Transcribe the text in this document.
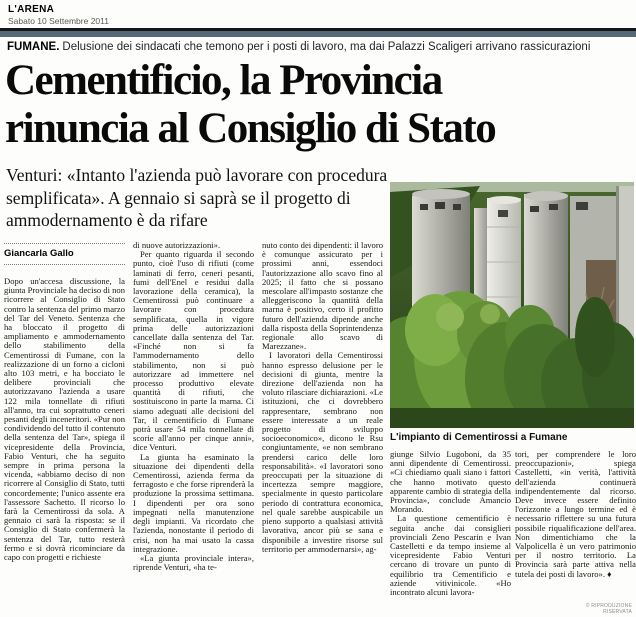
L'ARENA
Sabato 10 Settembre 2011
FUMANE. Delusione dei sindacati che temono per i posti di lavoro, ma dai Palazzi Scaligeri arrivano rassicurazioni
Cementificio, la Provincia
rinuncia al Consiglio di Stato
Venturi: «Intanto l'azienda può lavorare con procedura semplificata». A gennaio si saprà se il progetto di ammodernamento è da rifare
L'impianto di Cementirossi a Fumane
Giancarla Gallo

Dopo un'accesa discussione, la giunta Provinciale ha deciso di non ricorrere al Consiglio di Stato contro la sentenza del primo marzo del Tar del Veneto. Sentenza che ha bloccato il progetto di ampliamento e ammodernamento dello stabilimento della Cementirossi di Fumane, con la realizzazione di un forno a cicloni alto 103 metri, e ha bocciato le delibere provinciali che autorizzavano l'azienda a usare 122 mila tonnellate di rifiuti all'anno, tra cui soprattutto ceneri pesanti degli inceneritori. «Pur non condividendo del tutto il contenuto della sentenza del Tar», spiega il vicepresidente della Provincia, Fabio Venturi, che ha seguito sempre in prima persona la vicenda, «abbiamo deciso di non ricorrere al Consiglio di Stato, tutti concordemente; l'unico assente era l'assessore Sachetto. Il ricorso lo farà la Cementirossi da sola. A gennaio ci sarà la risposta: se il Consiglio di Stato confermerà la sentenza del Tar, tutto resterà fermo e si dovrà ricominciare da capo con progetti e richieste

di nuove autorizzazioni».

Per quanto riguarda il secondo punto, cioè l'uso di rifiuti (come laminati di ferro, ceneri pesanti, fumi dell'Enel e residui dalla lavorazione della ceramica), la Cementirossi può continuare a lavorare con procedura semplificata, quella in vigore prima delle autorizzazioni cancellate dalla sentenza del Tar. «Finché non si fa l'ammodernamento dello stabilimento, non si può autorizzare ad immettere nel processo produttivo elevate quantità di rifiuti, che sostituiscono in parte la marna. Ci siamo adeguati alle decisioni del Tar, il cementificio di Fumane potrà usare 54 mila tonnellate di scorie all'anno per cinque anni», dice Venturi.

La giunta ha esaminato la situazione dei dipendenti della Cementirossi, azienda ferma da ferragosto e che forse riprenderà la produzione la prossima settimana. I dipendenti per ora sono impegnati nella manutenzione degli impianti. Va ricordato che l'azienda, nonostante il periodo di crisi, non ha mai usato la cassa integrazione.

«La giunta provinciale intera», riprende Venturi, «ha te-

nuto conto dei dipendenti: il lavoro è comunque assicurato per i prossimi anni, essendoci l'autorizzazione allo scavo fino al 2025; il fatto che si possano mescolare all'impasto sostanze che alleggeriscono la quantità della marna è positivo, certo il profitto futuro dell'azienda dipende anche dalla risposta della Soprintendenza regionale allo scavo di Marezzane».

I lavoratori della Cementirossi hanno espresso delusione per le decisioni di giunta, mentre la direzione dell'azienda non ha voluto rilasciare dichiarazioni. «Le istituzioni, che ci dovrebbero rappresentare, sembrano non essere interessate a un reale progetto di sviluppo socioeconomico», dicono le Rsu congiuntamente, «e non sembrano prendersi carico delle loro responsabilità». «I lavoratori sono preoccupati per la situazione di incertezza sempre maggiore, specialmente in questo particolare periodo di contrattura economica, nel quale sarebbe auspicabile un pieno supporto a qualsiasi attività lavorativa, ancor più se sana e disponibile a investire risorse sul territorio per ammodernarsi», ag-

giunge Silvio Lugoboni, da 35 anni dipendente di Cementirossi. «Ci chiediamo quali siano i fattori che hanno motivato questo apparente cambio di strategia della Provincia», conclude Amancio Morando.

La questione cementificio è seguita anche dai consiglieri provinciali Zeno Pescarin e Ivan Castelletti e da tempo insieme al vicepresidente Fabio Venturi cercano di trovare un punto di equilibrio tra Cementificio e aziende vitivinicole. «Ho incontrato alcuni lavora-

tori, per comprendere le loro preoccupazioni», spiega Castelletti, «in verità, l'attività dell'azienda continuerà indipendentemente dal ricorso. Deve invece essere definito l'orizzonte a lungo termine ed è necessario riflettere su una futura possibile riqualificazione dell'area. Non dimentichiamo che la Valpolicella è un vero patrimonio per il nostro territorio. La Provincia sarà parte attiva nella tutela dei posti di lavoro». ♦

© RIPRODUZIONE RISERVATA
